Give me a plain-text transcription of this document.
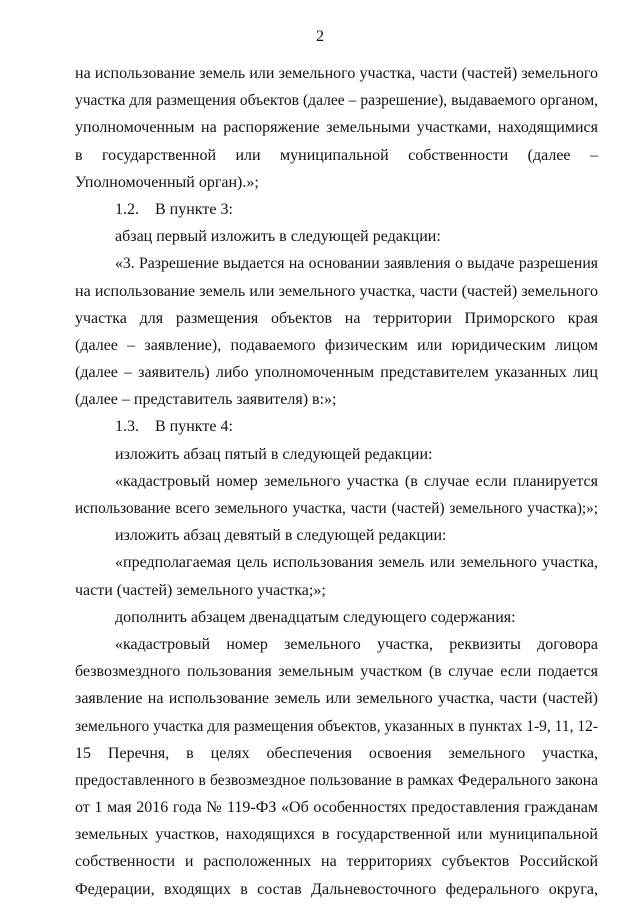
2
на использование земель или земельного участка, части (частей) земельного
участка для размещения объектов (далее – разрешение), выдаваемого органом,
уполномоченным на распоряжение земельными участками, находящимися
в государственной или муниципальной собственности (далее –
Уполномоченный орган).»;
1.2. В пункте 3:
абзац первый изложить в следующей редакции:
«3. Разрешение выдается на основании заявления о выдаче разрешения
на использование земель или земельного участка, части (частей) земельного
участка для размещения объектов на территории Приморского края
(далее – заявление), подаваемого физическим или юридическим лицом
(далее – заявитель) либо уполномоченным представителем указанных лиц
(далее – представитель заявителя) в:»;
1.3. В пункте 4:
изложить абзац пятый в следующей редакции:
«кадастровый номер земельного участка (в случае если планируется
использование всего земельного участка, части (частей) земельного участка);»;
изложить абзац девятый в следующей редакции:
«предполагаемая цель использования земель или земельного участка,
части (частей) земельного участка;»;
дополнить абзацем двенадцатым следующего содержания:
«кадастровый номер земельного участка, реквизиты договора
безвозмездного пользования земельным участком (в случае если подается
заявление на использование земель или земельного участка, части (частей)
земельного участка для размещения объектов, указанных в пунктах 1-9, 11, 12-
15 Перечня, в целях обеспечения освоения земельного участка,
предоставленного в безвозмездное пользование в рамках Федерального закона
от 1 мая 2016 года № 119-ФЗ «Об особенностях предоставления гражданам
земельных участков, находящихся в государственной или муниципальной
собственности и расположенных на территориях субъектов Российской
Федерации, входящих в состав Дальневосточного федерального округа,
